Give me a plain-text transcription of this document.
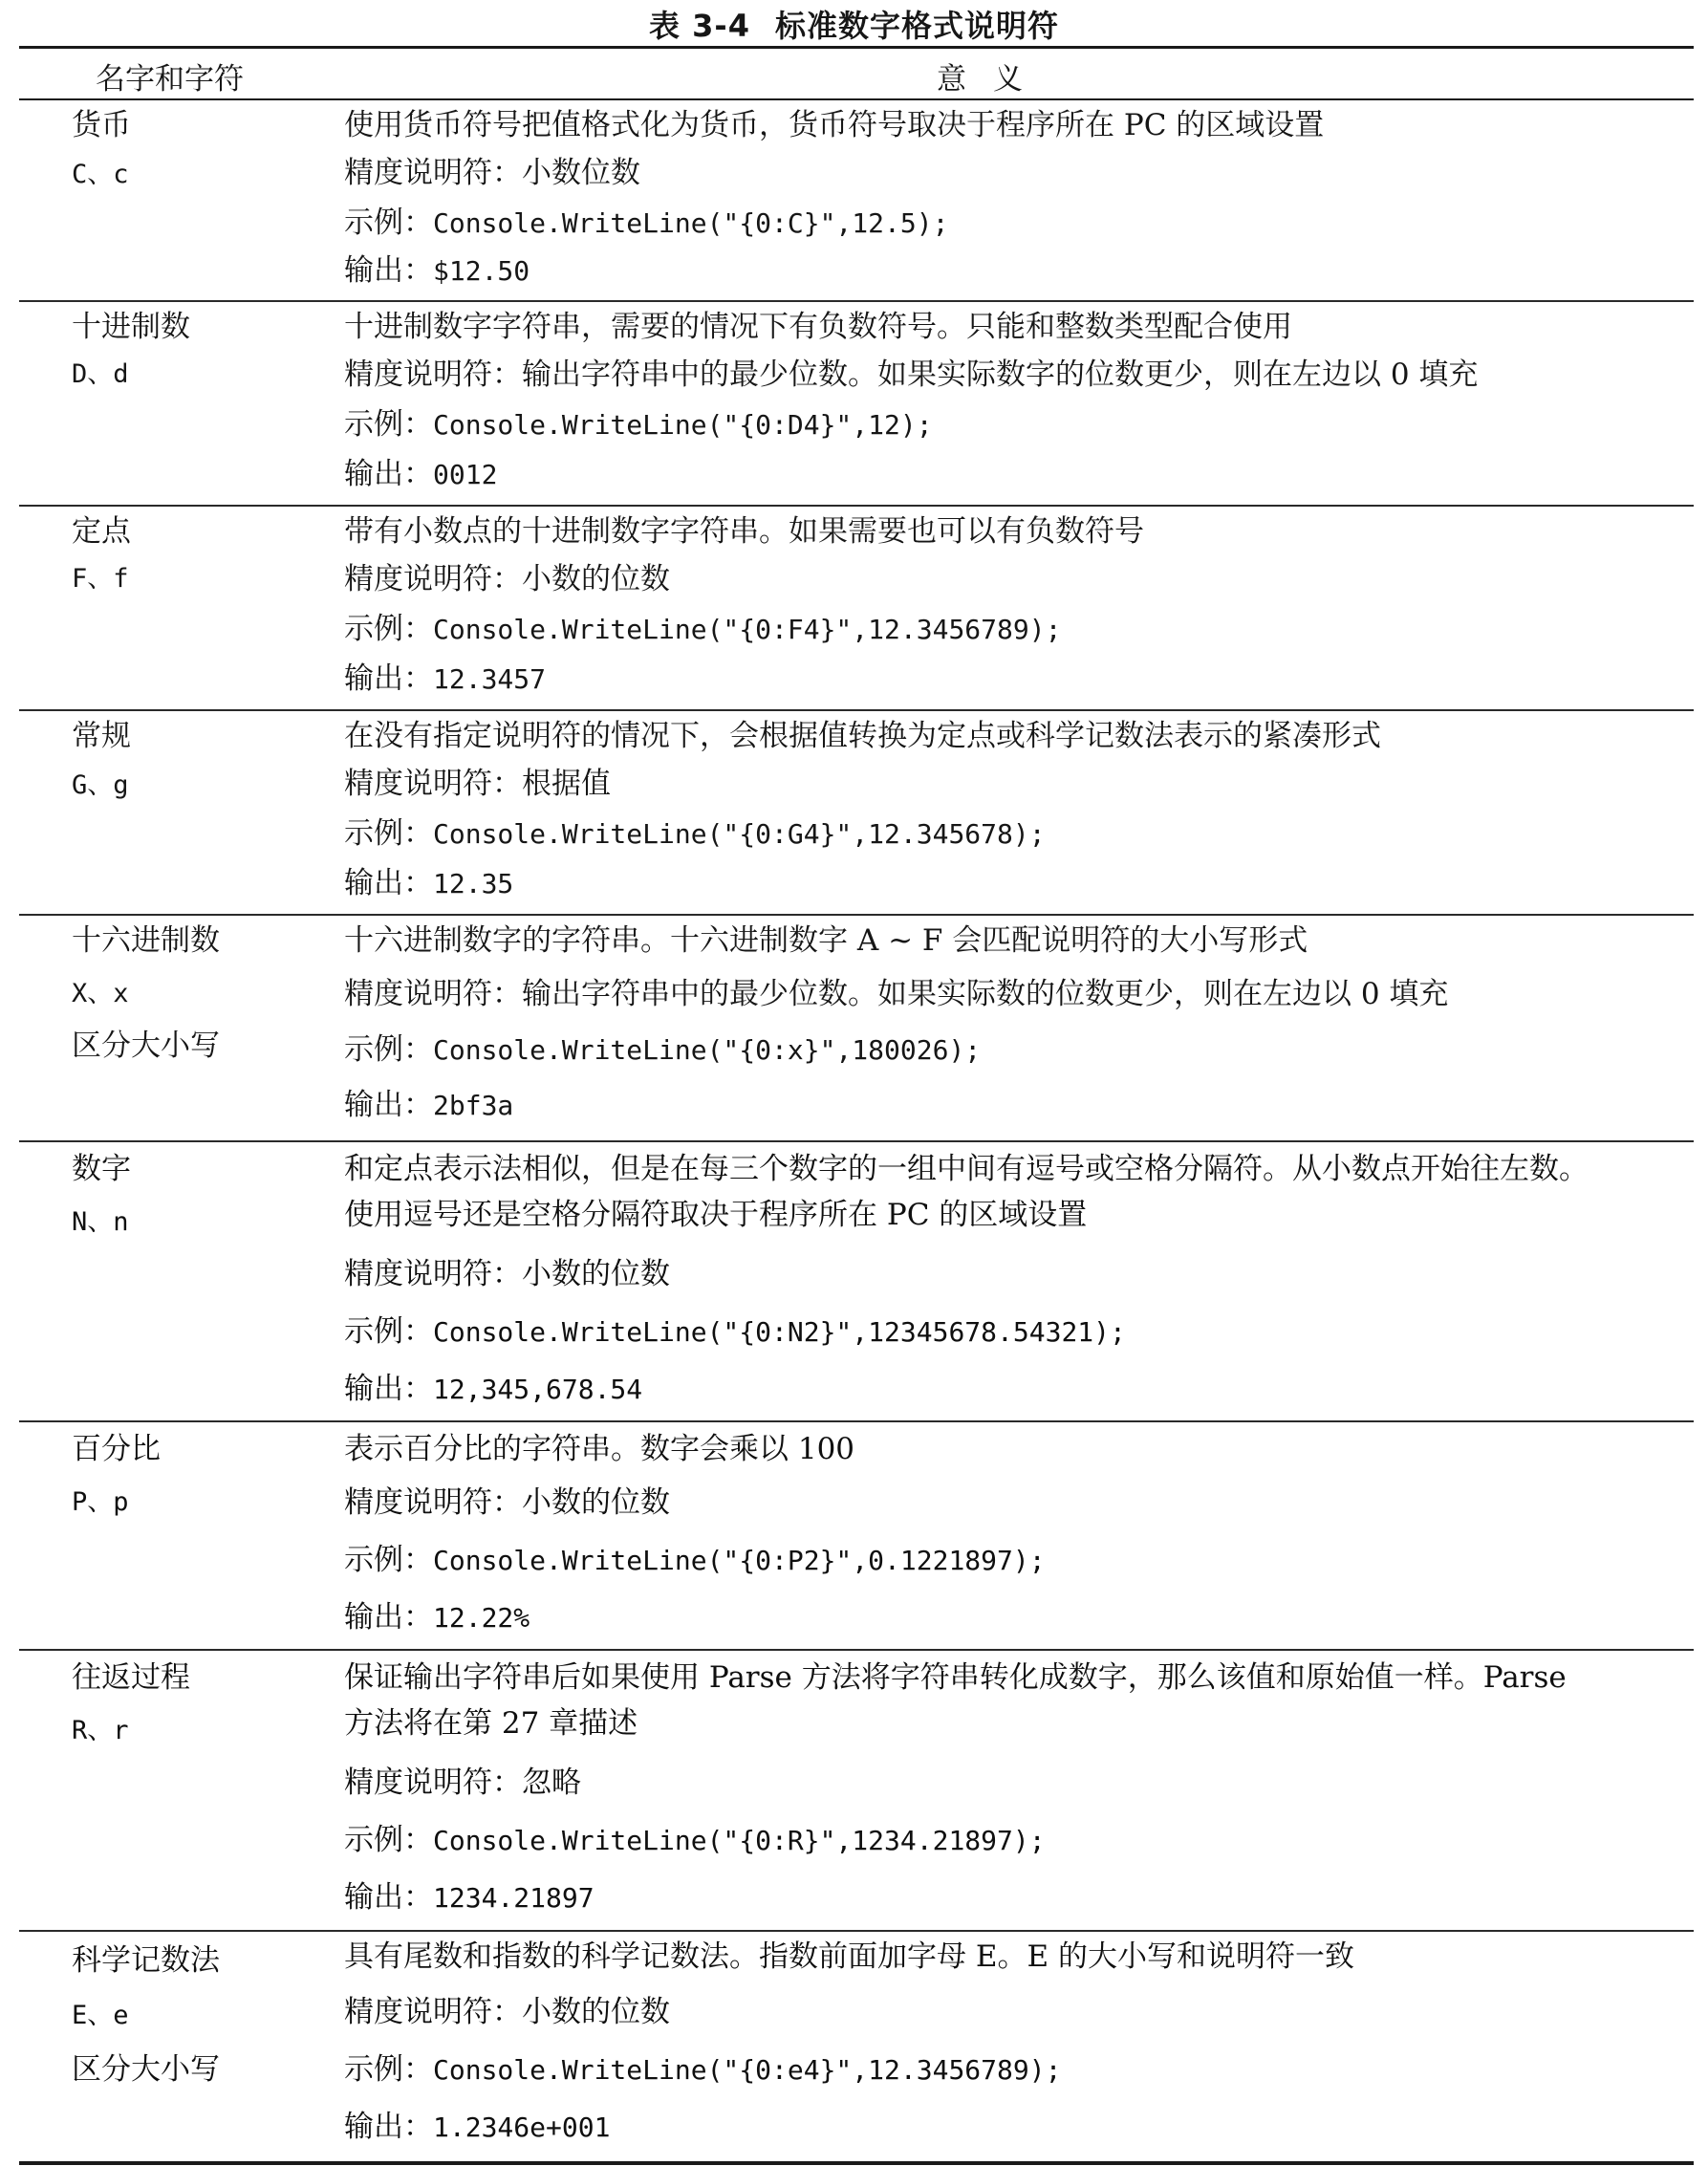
表 3-4 标准数字格式说明符
名字和字符	意义
货币
C、c
使用货币符号把值格式化为货币，货币符号取决于程序所在 PC 的区域设置
精度说明符：小数位数
示例：Console.WriteLine("{0:C}",12.5);
输出：$12.50
十进制数
D、d
十进制数字字符串，需要的情况下有负数符号。只能和整数类型配合使用
精度说明符：输出字符串中的最少位数。如果实际数字的位数更少，则在左边以 0 填充
示例：Console.WriteLine("{0:D4}",12);
输出：0012
定点
F、f
带有小数点的十进制数字字符串。如果需要也可以有负数符号
精度说明符：小数的位数
示例：Console.WriteLine("{0:F4}",12.3456789);
输出：12.3457
常规
G、g
在没有指定说明符的情况下，会根据值转换为定点或科学记数法表示的紧凑形式
精度说明符：根据值
示例：Console.WriteLine("{0:G4}",12.345678);
输出：12.35
十六进制数
X、x
区分大小写
十六进制数字的字符串。十六进制数字 A ~ F 会匹配说明符的大小写形式
精度说明符：输出字符串中的最少位数。如果实际数的位数更少，则在左边以 0 填充
示例：Console.WriteLine("{0:x}",180026);
输出：2bf3a
数字
N、n
和定点表示法相似，但是在每三个数字的一组中间有逗号或空格分隔符。从小数点开始往左数。
使用逗号还是空格分隔符取决于程序所在 PC 的区域设置
精度说明符：小数的位数
示例：Console.WriteLine("{0:N2}",12345678.54321);
输出：12,345,678.54
百分比
P、p
表示百分比的字符串。数字会乘以 100
精度说明符：小数的位数
示例：Console.WriteLine("{0:P2}",0.1221897);
输出：12.22%
往返过程
R、r
保证输出字符串后如果使用 Parse 方法将字符串转化成数字，那么该值和原始值一样。Parse
方法将在第 27 章描述
精度说明符：忽略
示例：Console.WriteLine("{0:R}",1234.21897);
输出：1234.21897
科学记数法
E、e
区分大小写
具有尾数和指数的科学记数法。指数前面加字母 E。E 的大小写和说明符一致
精度说明符：小数的位数
示例：Console.WriteLine("{0:e4}",12.3456789);
输出：1.2346e+001
